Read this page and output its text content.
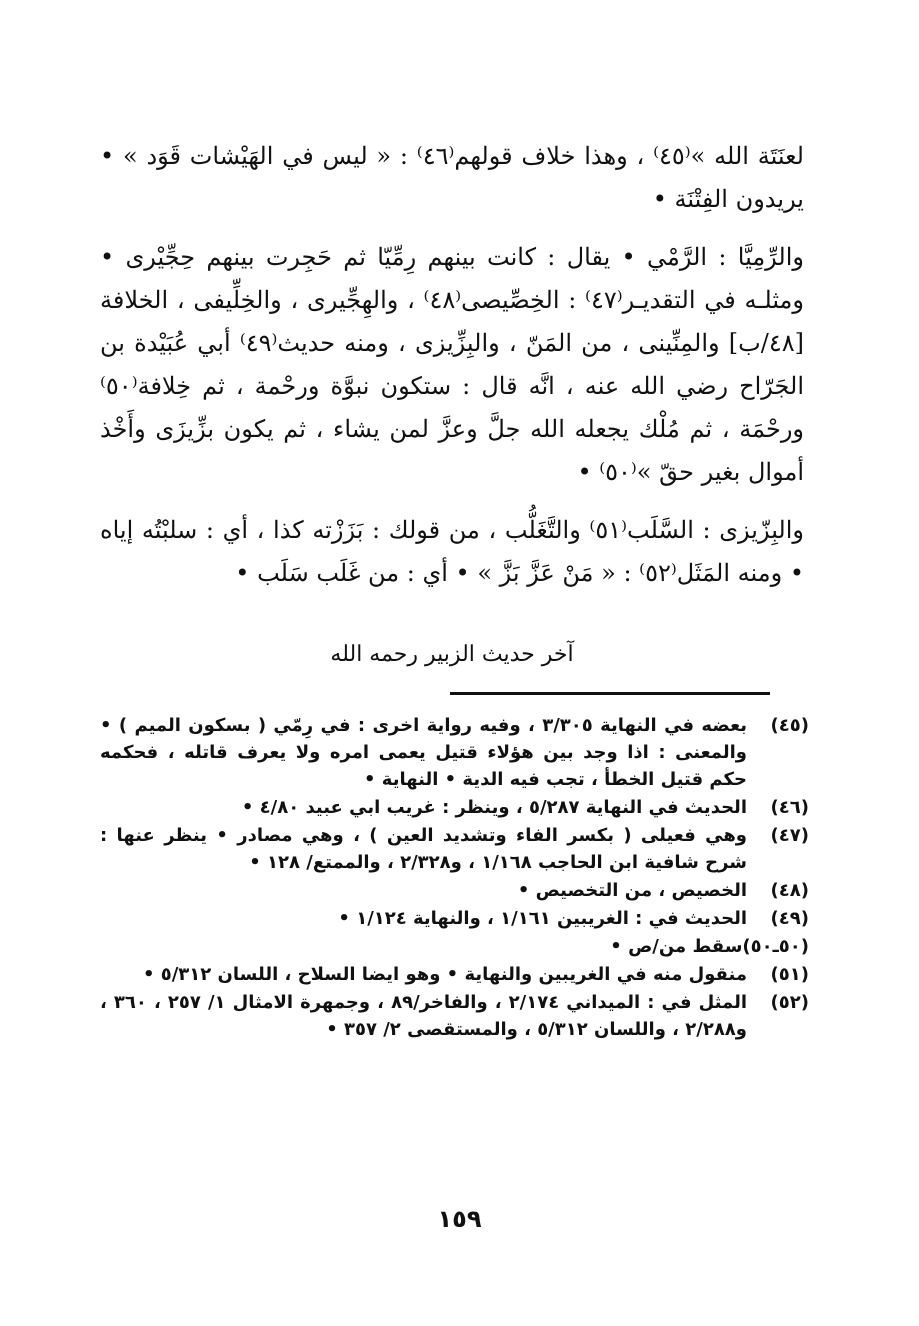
لعنَتَة الله »⁽٤٥⁾ ، وهذا خلاف قولهم⁽٤٦⁾ : « ليس في الهَيْشات قَوَد » • يريدون الفِتْنَة •

والرِّمِيَّا : الرَّمْي • يقال : كانت بينهم رِمِّيّا ثم حَجِرت بينهم حِجِّيْرى • ومثلـه في التقديـر⁽٤٧⁾ : الخِصِّيصى⁽٤٨⁾ ، والهِجِّيرى ، والخِلِّيفى ، الخلافة [٤٨/ب] والمِنِّينى ، من المَنّ ، والبِزِّيزى ، ومنه حديث⁽٤٩⁾ أبي عُبَيْدة بن الجَرّاح رضي الله عنه ، انَّه قال : ستكون نبوَّة ورحْمة ، ثم خِلافة⁽٥٠⁾ ورحْمَة ، ثم مُلْك يجعله الله جلَّ وعزَّ لمن يشاء ، ثم يكون بزِّيزَى وأَخْذ أموال بغير حقّ »⁽٥٠⁾ •

والبِزّيزى : السَّلَب⁽٥١⁾ والتَّغَلُّب ، من قولك : بَزَزْته كذا ، أي : سلبْتُه إياه • ومنه المَثَل⁽٥٢⁾ : « مَنْ عَزَّ بَزَّ » • أي : من غَلَب سَلَب •

آخر حديث الزبير رحمه الله
(٤٥)
بعضه في النهاية ٣/٣٠٥ ، وفيه رواية اخرى : في رِمّي ( بسكون الميم ) • والمعنى : اذا وجد بين هؤلاء قتيل يعمى امره ولا يعرف قاتله ، فحكمه حكم قتيل الخطأ ، تجب فيه الدية • النهاية •
(٤٦)
الحديث في النهاية ٥/٢٨٧ ، وينظر : غريب ابي عبيد ٤/٨٠ •
(٤٧)
وهي فعيلى ( بكسر الفاء وتشديد العين ) ، وهي مصادر • ينظر عنها : شرح شافية ابن الحاجب ١/١٦٨ ، و٢/٣٢٨ ، والممتع/ ١٢٨ •
(٤٨)
الخصيص ، من التخصيص •
(٤٩)
الحديث في : الغريبين ١/١٦١ ، والنهاية ١/١٢٤ •
(٥٠ـ٥٠)
سقط من/ص •
(٥١)
منقول منه في الغريبين والنهاية • وهو ايضا السلاح ، اللسان ٥/٣١٢ •
(٥٢)
المثل في : الميداني ٢/١٧٤ ، والفاخر/٨٩ ، وجمهرة الامثال ١/ ٢٥٧ ، ٣٦٠ ، و٢/٢٨٨ ، واللسان ٥/٣١٢ ، والمستقصى ٢/ ٣٥٧ •
١٥٩
